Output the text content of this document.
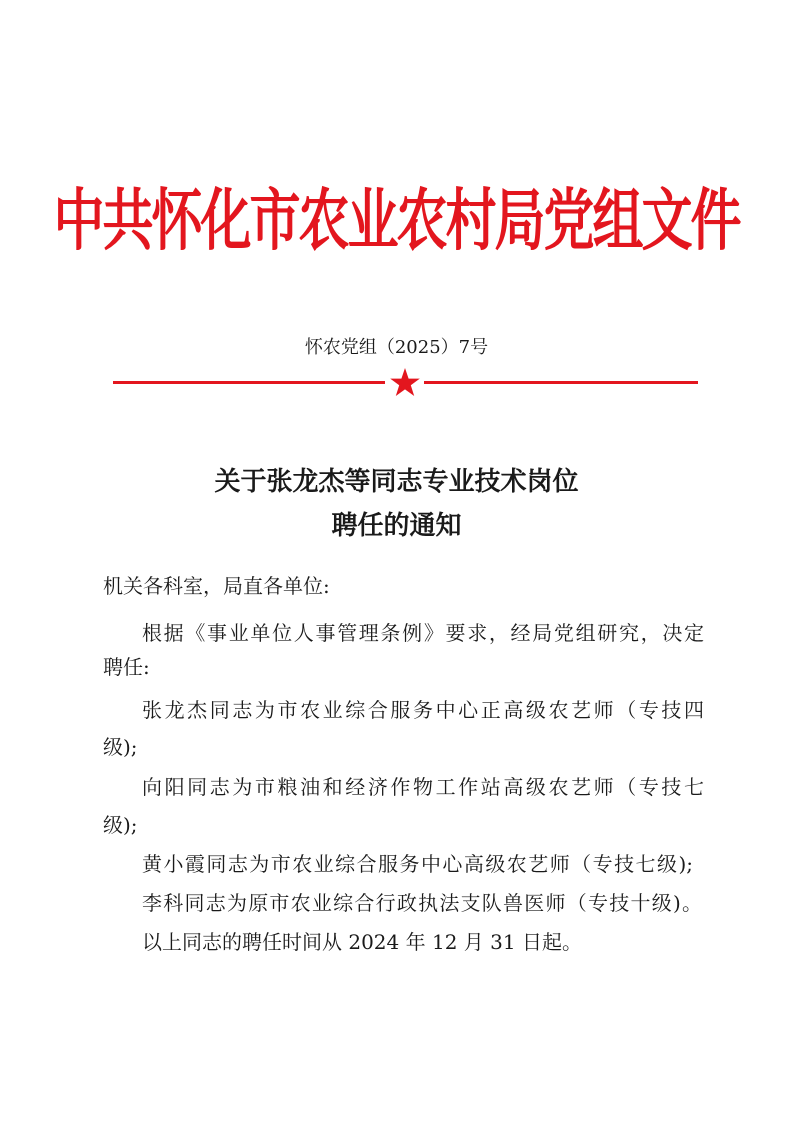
中共怀化市农业农村局党组文件
怀农党组（2025）7号
关于张龙杰等同志专业技术岗位
聘任的通知
机关各科室，局直各单位:
根据《事业单位人事管理条例》要求，经局党组研究，决定
聘任:
张龙杰同志为市农业综合服务中心正高级农艺师（专技四
级);
向阳同志为市粮油和经济作物工作站高级农艺师（专技七
级);
黄小霞同志为市农业综合服务中心高级农艺师（专技七级);
李科同志为原市农业综合行政执法支队兽医师（专技十级)。
以上同志的聘任时间从 2024 年 12 月 31 日起。
